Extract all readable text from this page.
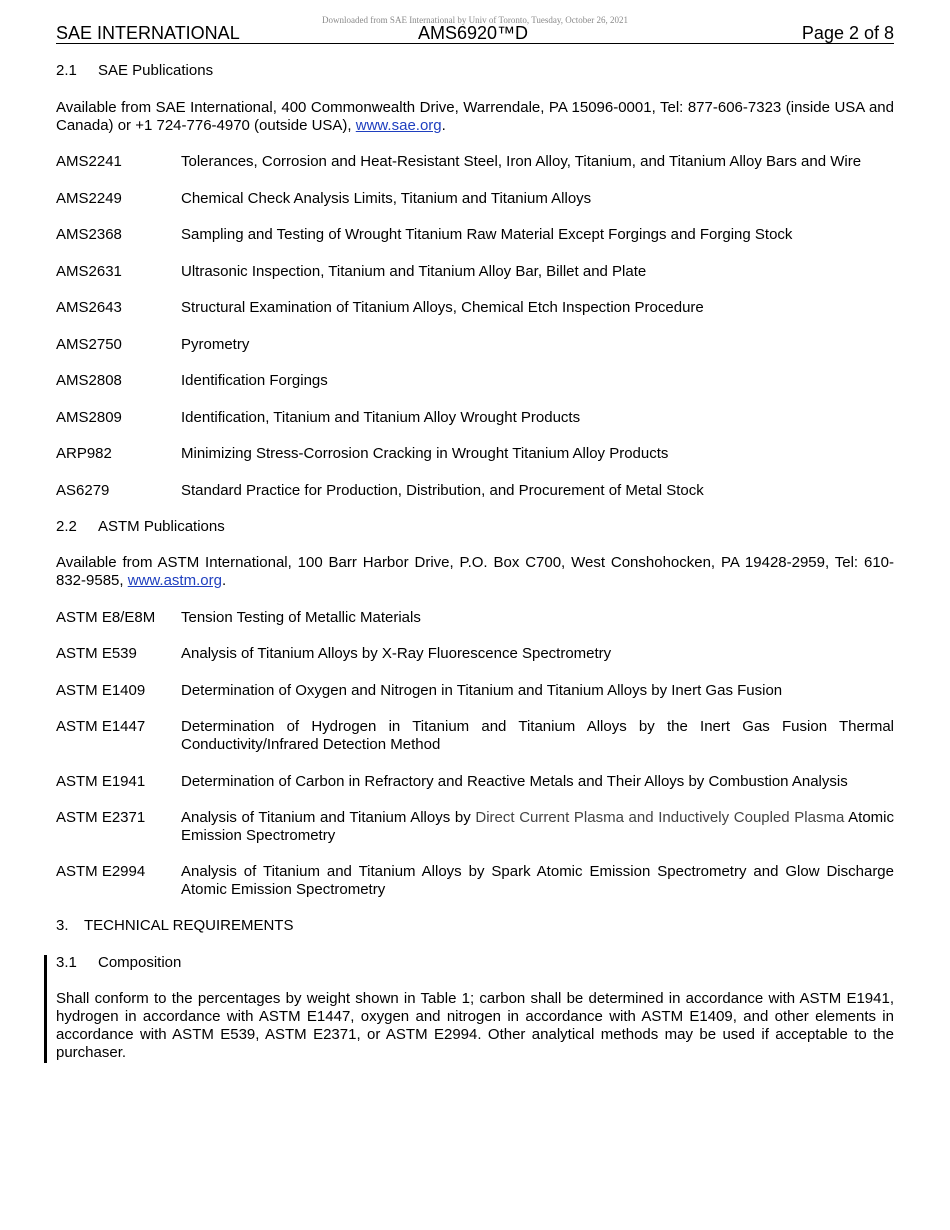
Downloaded from SAE International by Univ of Toronto, Tuesday, October 26, 2021
SAE INTERNATIONAL	AMS6920™D	Page 2 of 8
2.1 SAE Publications
Available from SAE International, 400 Commonwealth Drive, Warrendale, PA 15096-0001, Tel: 877-606-7323 (inside USA and Canada) or +1 724-776-4970 (outside USA), www.sae.org.
AMS2241	Tolerances, Corrosion and Heat-Resistant Steel, Iron Alloy, Titanium, and Titanium Alloy Bars and Wire
AMS2249	Chemical Check Analysis Limits, Titanium and Titanium Alloys
AMS2368	Sampling and Testing of Wrought Titanium Raw Material Except Forgings and Forging Stock
AMS2631	Ultrasonic Inspection, Titanium and Titanium Alloy Bar, Billet and Plate
AMS2643	Structural Examination of Titanium Alloys, Chemical Etch Inspection Procedure
AMS2750	Pyrometry
AMS2808	Identification Forgings
AMS2809	Identification, Titanium and Titanium Alloy Wrought Products
ARP982	Minimizing Stress-Corrosion Cracking in Wrought Titanium Alloy Products
AS6279	Standard Practice for Production, Distribution, and Procurement of Metal Stock
2.2 ASTM Publications
Available from ASTM International, 100 Barr Harbor Drive, P.O. Box C700, West Conshohocken, PA 19428-2959, Tel: 610-832-9585, www.astm.org.
ASTM E8/E8M	Tension Testing of Metallic Materials
ASTM E539	Analysis of Titanium Alloys by X-Ray Fluorescence Spectrometry
ASTM E1409	Determination of Oxygen and Nitrogen in Titanium and Titanium Alloys by Inert Gas Fusion
ASTM E1447	Determination of Hydrogen in Titanium and Titanium Alloys by the Inert Gas Fusion Thermal Conductivity/Infrared Detection Method
ASTM E1941	Determination of Carbon in Refractory and Reactive Metals and Their Alloys by Combustion Analysis
ASTM E2371	Analysis of Titanium and Titanium Alloys by Direct Current Plasma and Inductively Coupled Plasma Atomic Emission Spectrometry
ASTM E2994	Analysis of Titanium and Titanium Alloys by Spark Atomic Emission Spectrometry and Glow Discharge Atomic Emission Spectrometry
3. TECHNICAL REQUIREMENTS
3.1 Composition
Shall conform to the percentages by weight shown in Table 1; carbon shall be determined in accordance with ASTM E1941, hydrogen in accordance with ASTM E1447, oxygen and nitrogen in accordance with ASTM E1409, and other elements in accordance with ASTM E539, ASTM E2371, or ASTM E2994. Other analytical methods may be used if acceptable to the purchaser.
